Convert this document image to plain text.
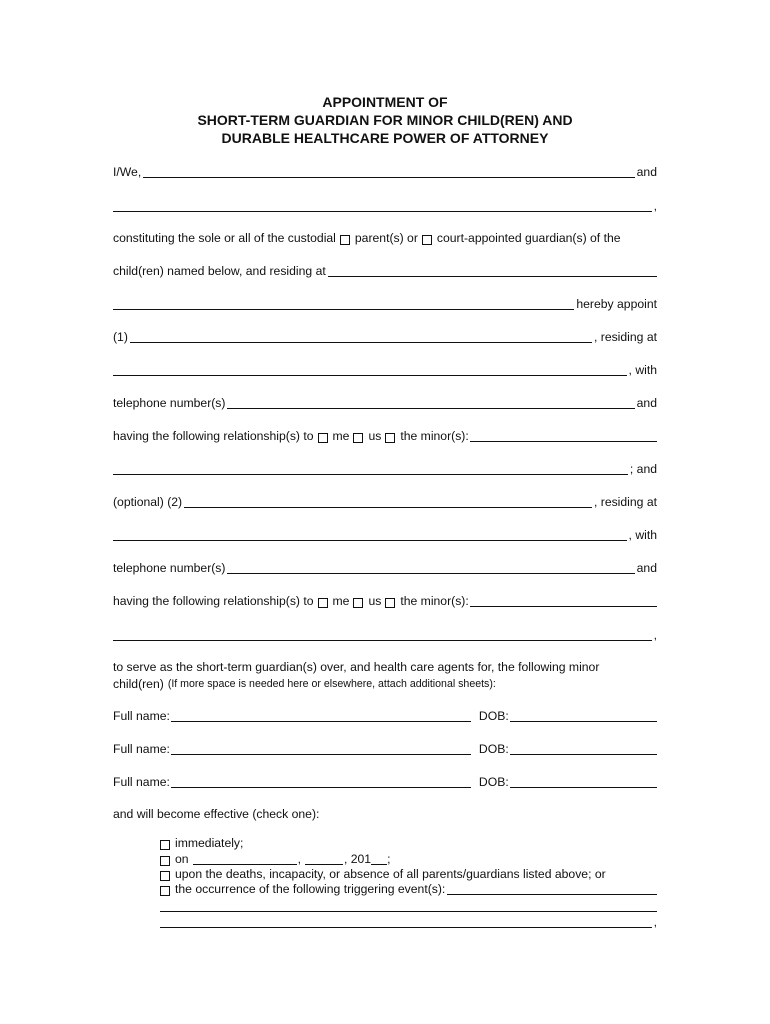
APPOINTMENT OF
SHORT-TERM GUARDIAN FOR MINOR CHILD(REN) AND
DURABLE HEALTHCARE POWER OF ATTORNEY
I/We,	and
,
constituting the sole or all of the custodial parent(s) or court-appointed guardian(s) of the
child(ren) named below, and residing at
hereby appoint
(1)	, residing at
, with
telephone number(s)	and
having the following relationship(s) to me us the minor(s):
; and
(optional) (2)	, residing at
, with
telephone number(s)	and
having the following relationship(s) to me us the minor(s):
,
to serve as the short-term guardian(s) over, and health care agents for, the following minor
child(ren) (If more space is needed here or elsewhere, attach additional sheets):
Full name:	DOB:
Full name:	DOB:
Full name:	DOB:
and will become effective (check one):
immediately;
on	,	, 201 ;
upon the deaths, incapacity, or absence of all parents/guardians listed above; or
the occurrence of the following triggering event(s):
,
